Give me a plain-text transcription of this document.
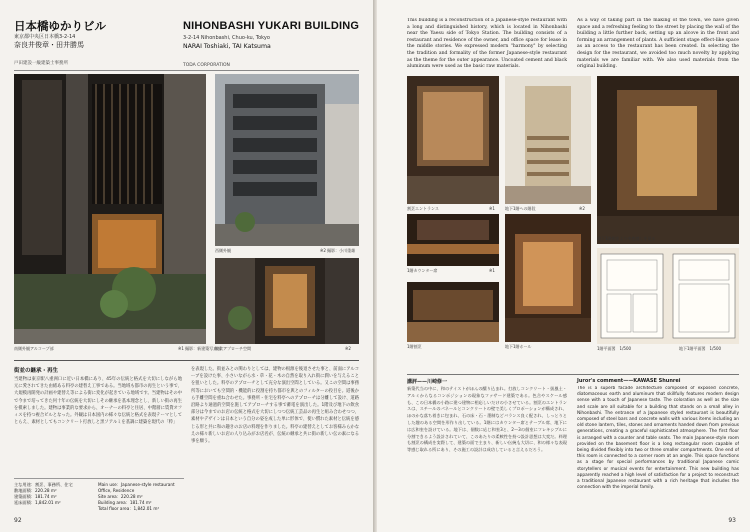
日本橋ゆかりビル
東京都中央区日本橋3-2-14
奈良井俊章・田井勝馬
戸田建設一級建築士事務所
NIHONBASHI YUKARI BUILDING
3-2-14 Nihonbashi, Chuo-ku, Tokyo
NARAI Toshiaki, TAI Katsuma
TODA CORPORATION
南側外観アルコーブ部	※1 撮影：新建築写真部
西側外観	※2 撮影：小川重雄
飲食アプローチ空間	※2
街並の継承・再生
当建物は東京駅八重洲口に近い日本橋にあり、45年の伝統と格式を大切にしながら地元に愛されてきた由緒ある料亭の建替え工事である。当地域も都市の再生という事で、大規模再開発の計画や建替え等による街に変化が起きている地域です。当建物はその中で今まで培ってきた何十年の伝統を大切にしその継承を基本理念とし、新しい街の再生を模索しました。建物は事業的な要求から、オーナーの料亭と住居、中階層に賃貸オフィスを持つ複合ビルとなった。外観は日本国内の様々な伝統と格式を表現テーマとしてとらえ、素材としてもコンクリート打放しと黒ソアルミを基調に建築を現代の「粋」
を表現した。街並みとの関わりとしては、建物の根源を後退させた事と、前面にアルコーブを設けた事、小さいながら水・草・花・木の自然を取り入れ街に潤いを与えることを狙いとした。料亭のアプローチとして充分な演出空間としている。又この空間は事務所等においても空間的・機能的に役割を持ち都市を與とのフィルターの役目を。道後から手離空間を重ね合わせた。事務所・住宅を料亭へのアプローチは分離して設け、道路沿路より通過的空間を施してアプローチする事で蓄電を演出した。1階及び地下の飲食部分は今までのお店の伝統と格式を大切にしつつ伝統工芸品の再生と組み合わせつつ、素材やデザインは日本という自分の姿を成した単に形体で、使い慣れた素材と伝統を感じる形と共に和の趣きのお店の料理を作りました。料亭の建替えとしてお客様みらかなえの様々新しいお店の人り込みがお店名が、伝統の継承と共に街の新しい伝の素になる事を願う。
主な用途：割烹、事務所、住宅
敷地面積：220.28 m²
建築面積：181.74 m²
延床面積：1,842.01 m²
Main use：Japanese-style restaurant
Office, Residence
Site area：220.28 m²
Building area：181.74 m²
Total floor area：1,842.01 m²
92
This building is a reconstruction of a Japanese-style restaurant with a long and distinguished history, which is located in Nihonbashi near the Yaesu side of Tokyo Station. The building consists of a restaurant and residence of the owner, and office space for lease in the middle stories. We expressed modern "harmony" by selecting the tradition and formality of the former Japanese-style restaurant as the theme for the outer appearance. Uncoated cement and black aluminum were used as the basic raw materials.
As a way of taking part in the making of the town, we have given space and a refreshing feeling to the street by placing the wall of the building a little further back, setting up an alcove in the front and forming an arrangement of plants. A sufficient stage effect-like space as an access to the restaurant has been created. In selecting the design for the restaurant, we avoided too much novelty by applying materials we are familiar with. We also used materials from the original building.
割烹エントランス	※1	地下1階への階段	※2
1階カウンター席	※1
地下1階ホール
1階割烹
地下1階個室より中庭越しを見る
1階平面図　1/500	地下1階平面図　1/500
講評——川崎修一
新築代当の中に、和のテイストがほんの醸り込まれ。打放しコンクリート・扱風土・アルミからなるコンポジションの現象なファサード建築である。色合やスケール感も、この日本橋の小路に建つ建物に相応しいだけの小させている。割烹のエントランスは、スチールのパネールとコンクリートの壁で美しくプロポーションが構成され、ほのかな落ち着きに包まれ、石の床・石・墨制などバランス良く配され、しっとりとした趣のある空間を形作り出している。1階にはカウンター席とテーブル席、地下には広和室を設けている。地下は、個数に応じ和室3と、2〜3の個室にフレキシブルに分割できるよう設計されていて、このあたりの柔軟性を持つ設計思想は大変だ。料理も割烹の構成を実際して、建築の面で主まり、新しい伝統も大切に、和の様々な表現等感じ取れる所にあり、その施工の設計は成功していると言えるだろう。
Juror's comment——KAWASE Shunrei
The is a superb facade architecture composed of exposed concrete, diatomaceous earth and aluminum that skillfully features modern design sense with a touch of Japanese taste. The coloration as well as the size and scale are all suitable for a building that stands on a small alley in Nihonbashi. The entrance of a Japanese styled restaurant is beautifully composed of steel bars and concrete walls with various items including an old stone lantern, tiles, stones and ornaments handed down from previous generations, creating a graceful sophisticated atmosphere. The first floor is arranged with a counter and table seats. The main Japanese-style room provided on the basement floor is a long rectangular room capable of being divided flexibly into two or three smaller compartments. One end of this room is connected to a corner room at an angle. This space functions as a stage for special performances by traditional Japanese comic storytellers or musical events for entertainment. This new building has apparently reached a high level of satisfaction for a project to reconstruct a traditional Japanese restaurant with a rich heritage that includes the connection with the imperial family.
93
